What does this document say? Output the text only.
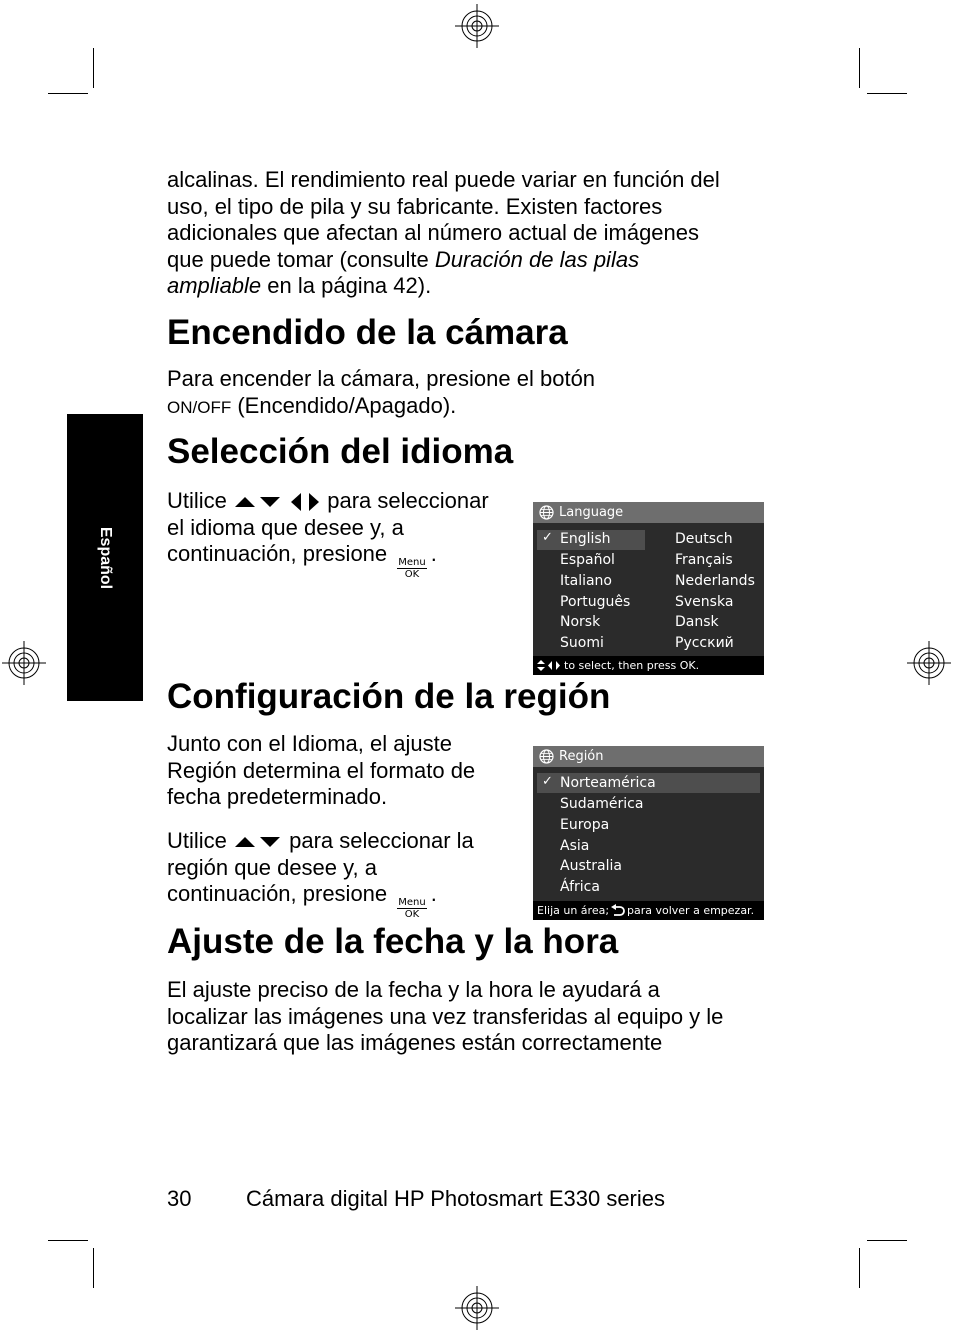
Español
alcalinas. El rendimiento real puede variar en función del
uso, el tipo de pila y su fabricante. Existen factores
adicionales que afectan al número actual de imágenes
que puede tomar (consulte Duración de las pilas
ampliable en la página 42).
Encendido de la cámara
Para encender la cámara, presione el botón
ON/OFF (Encendido/Apagado).
Selección del idioma
Utilice	para seleccionar
el idioma que desee y, a
continuación, presione Menu
OK
.
Language
✓ English
Español
Italiano
Português
Norsk
Suomi
Deutsch
Français
Nederlands
Svenska
Dansk
Русский
to select, then press OK.
Configuración de la región
Junto con el Idioma, el ajuste
Región determina el formato de
fecha predeterminado.
Utilice  para seleccionar la
región que desee y, a
continuación, presione Menu
OK
.
Región
✓ Norteamérica
Sudamérica
Europa
Asia
Australia
África
Elija un área; para volver a empezar.
Ajuste de la fecha y la hora
El ajuste preciso de la fecha y la hora le ayudará a
localizar las imágenes una vez transferidas al equipo y le
garantizará que las imágenes están correctamente
30 Cámara digital HP Photosmart E330 series
